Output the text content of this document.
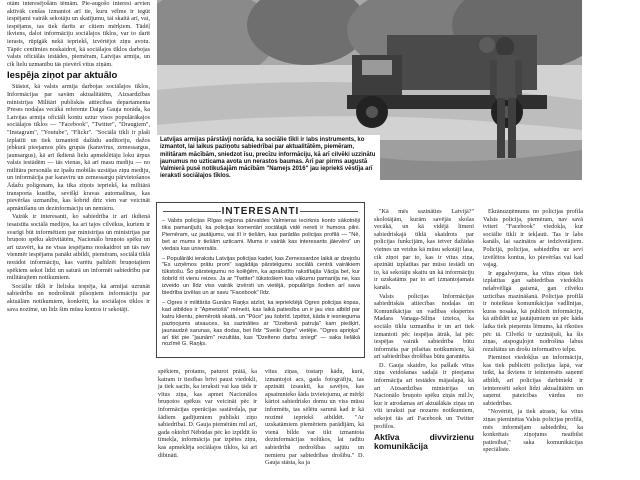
otām interesējošām tēmām. Pie-augošo interesi arvien aktīvāk cenšas izmantot arī tie, kuru vēlme ir iegūt iespējami vairāk sekotāju un skatījumu, tai skaitā arī, vai, iespējams, tas tiek darīts ar citiem mērķiem. Tādēļ ikviens, dalot informāciju sociālajos tīklos, var to darīt ierasts, rūpīgāk nekā iepriekš, izvērtējot ziņu avotu. Tāpēc centīmies noskaidrot, kā sociālajos tīklos darbojas valsts oficiālās iestādes, piemēram, Latvijas armija, un cik lielu uzmanību tās pievērš vītus ziņām.

Iespēja ziņot par aktuālo

Stāstot, kā valsts armija darbojas sociālajos tīklos, Informācijas par savām aktualitātēm, Aizsardzības ministrijas Militāri publiskās attiecības departamenta Preses nodaļas vecākā referente Daiga Gauja norāda, ka Latvijas armija oficiāli kontu uztur visos populārākajos sociālajos tīklos — "Facebook", "Twitter", "Draugiem", "Instagram", "Youtube", "Flickr". "Sociālā tīkli ir plaši izplatīti un tiek izmantoti dažādu auditoriju, dažos jebkurā pieejamos plēs grupās (karavīrus, zemessargus, jaunsargus), kā arī ikdienā lielu apmeklētāju loku ārpus valsts iestādēm — tās vienas, kā arī masu mediju — no militāra personāla uz īpašu mobilās uzstājas ziņu mediju, un informācija par karavīru un zemessargu pārvietošanos Ādažu poligonam, ka tika ziņots iepriekš, ka militārā transporta kustība, sevišķi kravas automašīnas, kas pievēršas uzmanību, kas šobrīd drīz vien var veicināt apmānīšanu un dezinformāciju un nemieru.

Vairāk ir interesanti, ko sabiedrība ir arī ikdienā iesaistīta sociālā medijos, ka arī tajos cilvēkus, kuriem ir svarīgi būt informētiem par ministrijas un ministrijas par bruņoto spēku aktivitātēm, Nacionālo bruņoto spēku un arī uzsvērt, ka ne visas iespējams noskaidrot un tās nav vienmēr iespējams panākt atbildi, piemēram, sociālā tīklā norādot informāciju, kas varētu palīdzēt bruņotajiem spēkiem sekot līdzi un saturā un informēt sabiedrību par militārajiem notikumiem.

Sociālie tīkli ir lieliska iespēja, kā armijai uzrunāt sabiedrību un nodrošināt pilsoņiem informāciju par aktuālām notikumiem, konkrēti, ka sociālajos tīklos ir sava nozīme, un līdz šim mūsu kontos ir sekotāji.

Latvijas armijas pārstāvji norāda, ka sociālie tīkli ir labs instruments, ko izmantot, lai laikus paziņotu sabiedrībai par aktualitātēm, piemēram, militāram mācībām, sniedzot īsu, precīzu informāciju, kā arī cilvēki uzzinātu jaunumus no uzticama avota un nerastos baumas. Arī par pirms augustā Valmierā pusē notikušajām mācībām "Namejs 2016" jau iepriekš vēstīja arī ieraksti sociālajos tīklos.
INTERESANTI

– Valsts policijas Rīgas reģiona pārvaldes Valmieras iecirknis konto sākotnēji tika pamanījuši, ka policijas komentāri sociālajā vidē nereti ir humora pilni. Piemēram, uz jautājumu, vai šī ir tiešām, kas parādās policijas profilā — "Nē, bet ar mums ir tiešām uzticami. Mums ir vairāk kas interesants jāievēro" un viedais kas universāls.

– Populārāki ierakstu Latvijas policijas kadet, kas Zemessardze laikā ar dzejošu "Es uzņēmos prātu prom" sagādāja pārsteigumu sociālā centrā vairākiem tūkstošu. Šo pārsteigumu no kolēģēm, ka aprakstīto rakstītajās Vācija bet, kur šobrīd rit vienu reizes. Ja ar "Twitter" tūkstošiem kas vākumu pamanīja ne, kas izveido un līdz viss vairāk izvērsti un vietējā, populārīgs šodien arī sava biedrība izvēlas un ar savu "Facebook" līdz.

– Ogres ir militārās Gunārs Raņķs atzīst, ka iepriekšējā Ogres policijas kopas, kad atbildes ir "Apmetošā" mēneši, kas laikā patiesība un ir jau viss atbild par katru klientu, piemērotā skatā, un "Pūce" jau šobrīd. Izpētot, kāda ir iesnieguma paziņojums atsauces, ka sazināties ar "Dzeltenā patruļa" kam piešķirt, jaunaudzē sarunas, kas dodas, bet līdz "Sveiki Ogre" vietējie. "Ogres apriņķa" arī tikt pie "jaunām" rezultāta, kas "Dzelteno darbu sniegt" — saka lielākā nozīmē G. Raņķs.

spēkiem, protams, paturot prātā, ka katram ir tiesības brīvi paust viedokli, ja tiek sacīts, ka ieraksti vai kas tāds ir vītus ziņa, kas apmet Nacionālos bruņotos spēkus var veicināt pēc ir informācijas operācijas sastāvdaļa, par šādiem gadījumiem publiski ziņo sabiedrībai. D. Gauja piemērām mil arī, gada oktobrī Nēbūdas pēc ko izpildīt šo tīmekļa, informācija par izpētes ziņu, kas apmeklēja sociālajos tīklos, kā arī dibināti.

vītus ziņas, tostarp kādu, kurā, izmantojot acs, gada fotogrāfiju, tas apzināti izsaukti, ka savējos, kas apsaimnieko šāda izvietojumu, ar mērķi kārtot sabiedrisko domu un viss mūsu informēts, tas sēlētu sarunā kad ir kā nozīmē iepriekš atbildēt. "Ar uzskatāmiem piemēriem parādījām, kā vienā bilde var tikt izmantota dezinformācijas nolūkos, lai radītu sabiedrībā nedrošības sajūtu un nemieru par sabiedrības drošību." D. Gauja stāsta, ka ja

"Kā mēs sazināties Latvijā?" skolotājām, kurām savējās skolas vecākā, un kā vidējā līmenī sabiedriskajā tīklā skaidrots par policijas funkcijām, kas ietver dažādas vietnes un veidus kā mūsu sekotāji lasa, cik ziņot par to, kas ir vītus ziņa, apzināti izplatītas par mūsu iestādi un to, kā sekotāju skaitu un kā informāciju ir uzskatāms par to arī izmantojamais kanāls.

Valsts policijas Informācijas sabiedriskās attiecības nodaļas un Komunikācijas un vadības ekspertes Madara Vanaga-Siliņa izteica, ka sociālo tīklu uzmanība ir un arī tiek izmantoti pēc iespējas ātrāk, lai pēc iespējas vairāk sabiedrība būtu informēta par pilsētas notikumiem, kā arī sabiedrības drošības būtu garantēta.

D. Gauja skaidro, ka pašlaik vītus ziņu veidošanas sadaļā ir pieejama informācija arī iestādes mājaslapā, kā arī Aizsardzības ministrijas un Nacionālo bruņoto spēku ziņās mil.lv, kur ir atrodamas arī aktuālākās ziņas un vīti ieraksti par nozares notikumiem, sekojot tās arī Facebook un Twitter profilos.

Aktīva divvirzienu komunikācija

Ekrānuzņēmums no policijas profila Valsts policija, piemēram, nav savā tviterī "Facebook" viedokļa, kur sociālie tīkli ir iekļauti. Tas ir labs kanāls, lai sazinātos ar iedzīvotājiem. Policijā, policijas, sabiedrību uz sevi izvēlētos kontus, ko pievēršas vai kad vajag.

Ir apgalvojums, ka vītus ziņas tiek izplatītas gan sabiedrības viedoklis nelabvēlīgā gaismā, gan cilvēku uzticības mazināšanā. Policijas profilā ir noteiktas komunikācijas vadlīnijas, kuras nosaka, kā publicēt informāciju, kā atbildēt uz jautājumiem un pēc kāda laika tiek pieņemts lēmums, kā rīkoties pēc tā. Cilvēki ir uzzinājuši, ka šis ziņas, atspoguļojot nodrošina labus rezultātus un drošu informatīvo telpu.

Pieminot viedokļus un informāciju, kas tiek publicēti policijas lapā, var teikt, ka ikviens ir ieinteresēts saņemt atbildi, arī policijas darbinieki ir ieinteresēti sekot līdzi aktualitātēm un saņemt pateicības vārdus no sabiedrības.

"Novērtēt, ja tiek atrasts, ka vītus ziņas pieminētas Valsts policijas profilā, mēs informējam sabiedrību, ka konkrētais ziņojums neatbilst patiesībai," saka komunikācijas speciāliste.
